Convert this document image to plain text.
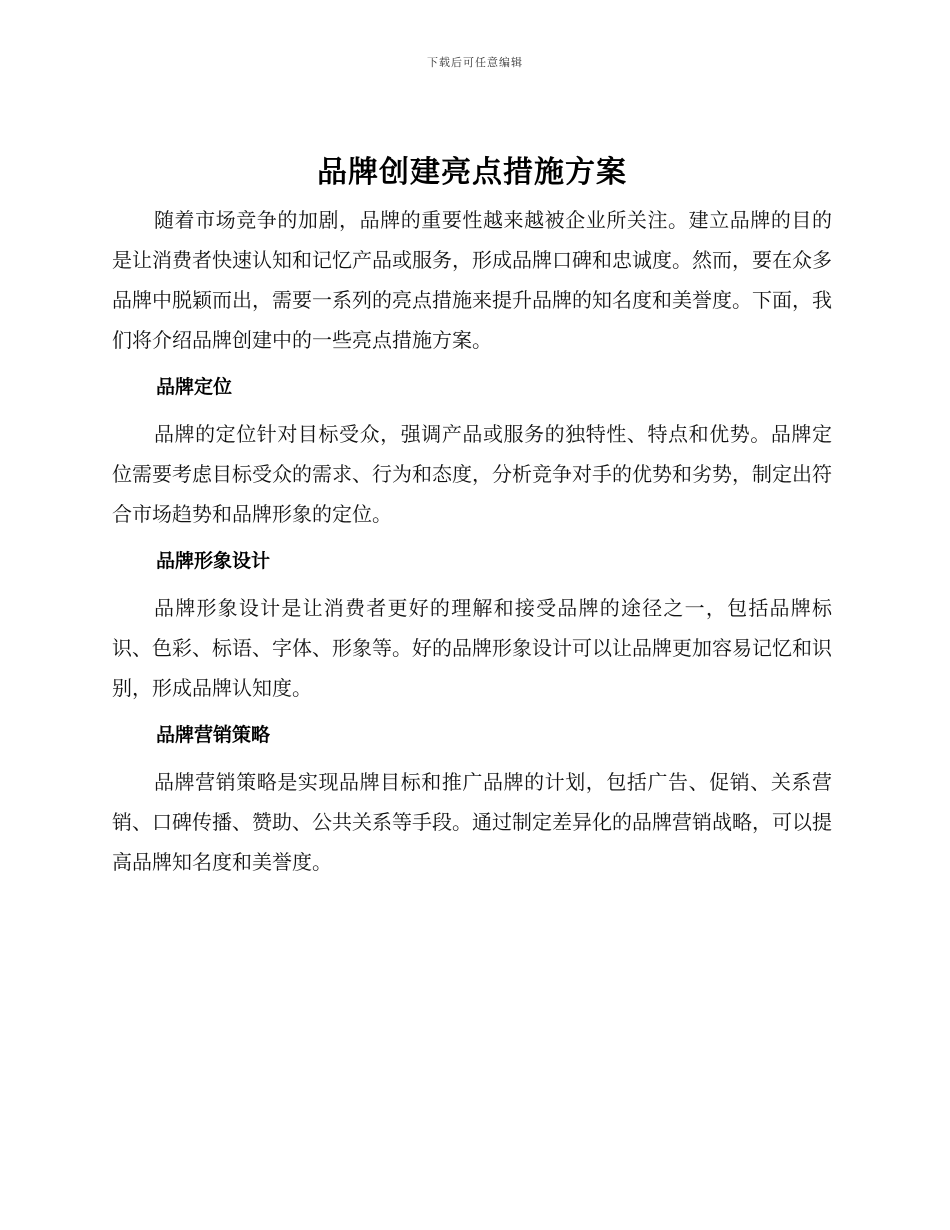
下载后可任意编辑
品牌创建亮点措施方案

随着市场竞争的加剧，品牌的重要性越来越被企业所关注。建立品牌的目的是让消费者快速认知和记忆产品或服务，形成品牌口碑和忠诚度。然而，要在众多品牌中脱颖而出，需要一系列的亮点措施来提升品牌的知名度和美誉度。下面，我们将介绍品牌创建中的一些亮点措施方案。

品牌定位

品牌的定位针对目标受众，强调产品或服务的独特性、特点和优势。品牌定位需要考虑目标受众的需求、行为和态度，分析竞争对手的优势和劣势，制定出符合市场趋势和品牌形象的定位。

品牌形象设计

品牌形象设计是让消费者更好的理解和接受品牌的途径之一，包括品牌标识、色彩、标语、字体、形象等。好的品牌形象设计可以让品牌更加容易记忆和识别，形成品牌认知度。

品牌营销策略

品牌营销策略是实现品牌目标和推广品牌的计划，包括广告、促销、关系营销、口碑传播、赞助、公共关系等手段。通过制定差异化的品牌营销战略，可以提高品牌知名度和美誉度。
